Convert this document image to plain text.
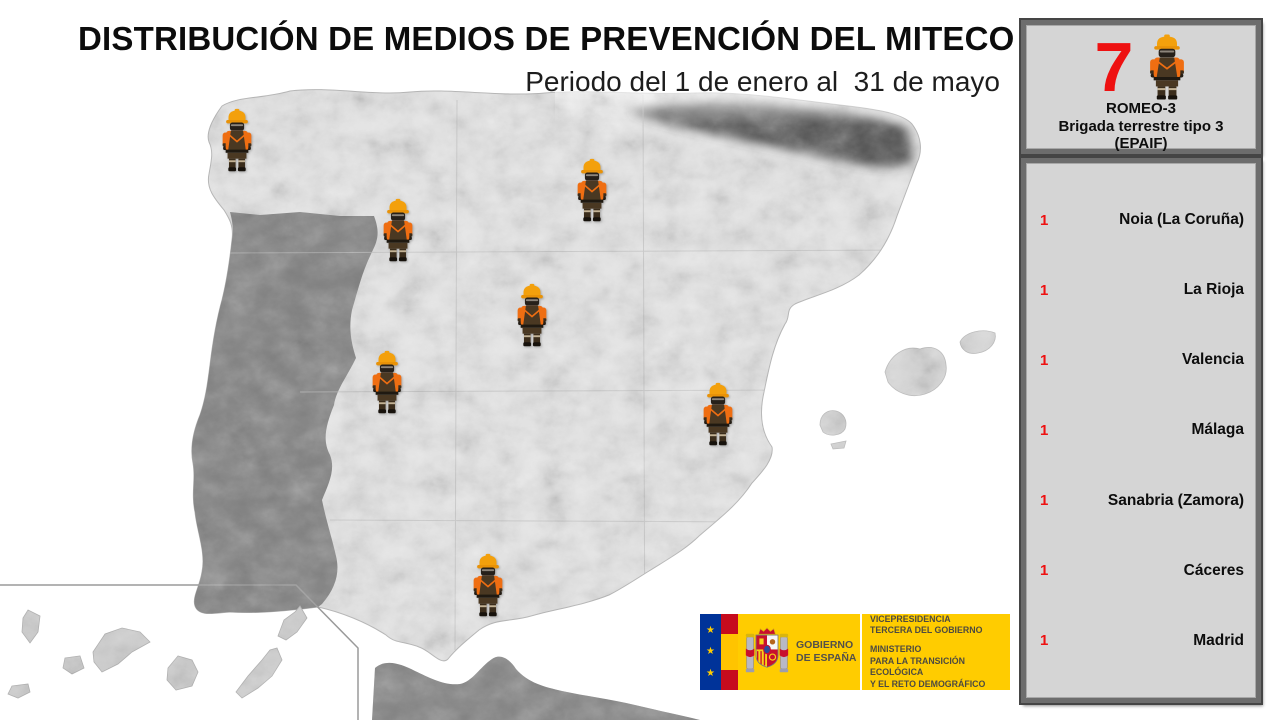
DISTRIBUCIÓN DE MEDIOS DE PREVENCIÓN DEL MITECO
Periodo del 1 de enero al  31 de mayo 7
ROMEO-3
Brigada terrestre tipo 3
(EPAIF)
1	Noia (La Coruña)
1	La Rioja
1	Valencia
1	Málaga
1	Sanabria (Zamora)
1	Cáceres
1	Madrid
★
★
★
GOBIERNO
DE ESPAÑA
VICEPRESIDENCIA
TERCERA DEL GOBIERNO
MINISTERIO
PARA LA TRANSICIÓN ECOLÓGICA
Y EL RETO DEMOGRÁFICO
